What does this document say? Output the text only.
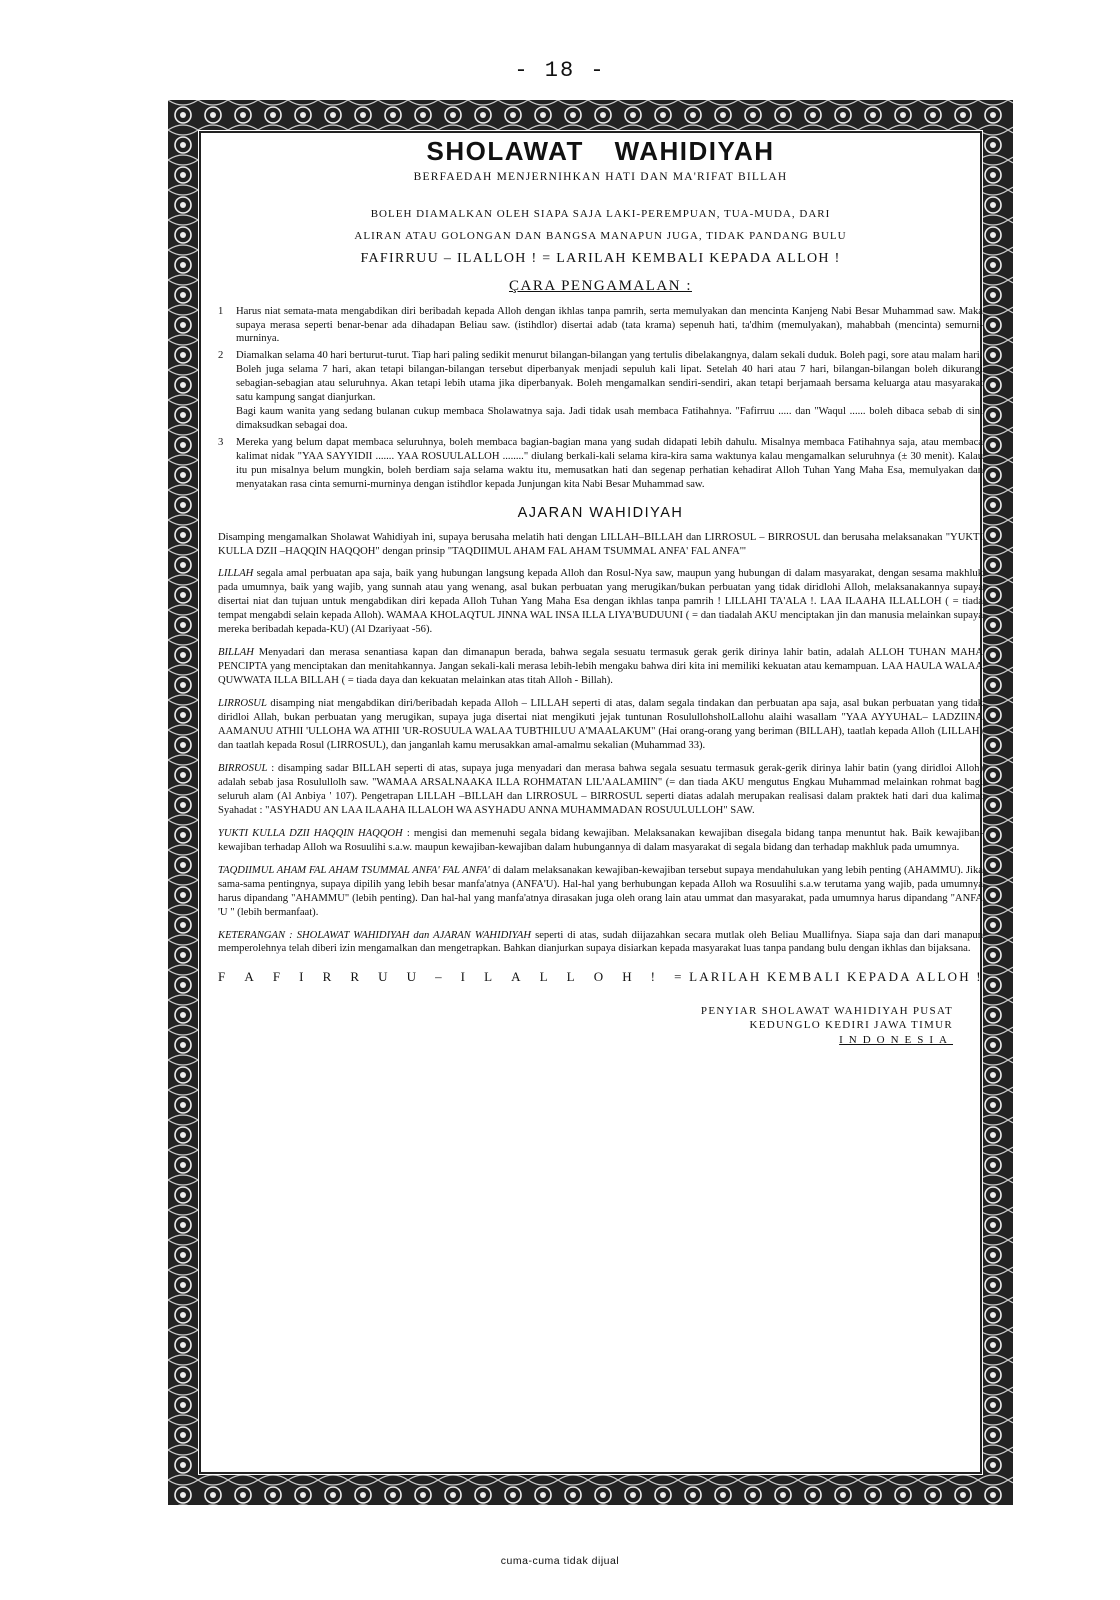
- 18 -
SHOLAWAT WAHIDIYAH
BERFAEDAH MENJERNIHKAN HATI DAN MA'RIFAT BILLAH
BOLEH DIAMALKAN OLEH SIAPA SAJA LAKI-PEREMPUAN, TUA-MUDA, DARI
ALIRAN ATAU GOLONGAN DAN BANGSA MANAPUN JUGA, TIDAK PANDANG BULU
FAFIRRUU – ILALLOH ! = LARILAH KEMBALI KEPADA ALLOH !
ÇARA PENGAMALAN :
1 Harus niat semata-mata mengabdikan diri beribadah kepada Alloh dengan ikhlas tanpa pamrih, serta memulyakan dan mencinta Kanjeng Nabi Besar Muhammad saw. Maka supaya merasa seperti benar-benar ada dihadapan Beliau saw. (istihdlor) disertai adab (tata krama) sepenuh hati, ta'dhim (memulyakan), mahabbah (mencinta) semurni-murninya.

2 Diamalkan selama 40 hari berturut-turut. Tiap hari paling sedikit menurut bilangan-bilangan yang tertulis dibelakangnya, dalam sekali duduk. Boleh pagi, sore atau malam hari.

Boleh juga selama 7 hari, akan tetapi bilangan-bilangan tersebut diperbanyak menjadi sepuluh kali lipat. Setelah 40 hari atau 7 hari, bilangan-bilangan boleh dikurangi sebagian-sebagian atau seluruhnya. Akan tetapi lebih utama jika diperbanyak. Boleh mengamalkan sendiri-sendiri, akan tetapi berjamaah bersama keluarga atau masyarakat satu kampung sangat dianjurkan.

Bagi kaum wanita yang sedang bulanan cukup membaca Sholawatnya saja. Jadi tidak usah membaca Fatihahnya. "Fafirruu ..... dan "Waqul ...... boleh dibaca sebab di sini dimaksudkan sebagai doa.

3 Mereka yang belum dapat membaca seluruhnya, boleh membaca bagian-bagian mana yang sudah didapati lebih dahulu. Misalnya membaca Fatihahnya saja, atau membaca kalimat nidak "YAA SAYYIDII ....... YAA ROSUULALLOH ........" diulang berkali-kali selama kira-kira sama waktunya kalau mengamalkan seluruhnya (± 30 menit). Kalau itu pun misalnya belum mungkin, boleh berdiam saja selama waktu itu, memusatkan hati dan segenap perhatian kehadirat Alloh Tuhan Yang Maha Esa, memulyakan dan menyatakan rasa cinta semurni-murninya dengan istihdlor kepada Junjungan kita Nabi Besar Muhammad saw.

AJARAN WAHIDIYAH

Disamping mengamalkan Sholawat Wahidiyah ini, supaya berusaha melatih hati dengan LILLAH–BILLAH dan LIRROSUL – BIRROSUL dan berusaha melaksanakan "YUKTI KULLA DZII –HAQQIN HAQQOH" dengan prinsip "TAQDIIMUL AHAM FAL AHAM TSUMMAL ANFA' FAL ANFA'"

LILLAH segala amal perbuatan apa saja, baik yang hubungan langsung kepada Alloh dan Rosul-Nya saw, maupun yang hubungan di dalam masyarakat, dengan sesama makhluk pada umumnya, baik yang wajib, yang sunnah atau yang wenang, asal bukan perbuatan yang merugikan/bukan perbuatan yang tidak diridlohi Alloh, melaksanakannya supaya disertai niat dan tujuan untuk mengabdikan diri kepada Alloh Tuhan Yang Maha Esa dengan ikhlas tanpa pamrih ! LILLAHI TA'ALA !. LAA ILAAHA ILLALLOH ( = tiada tempat mengabdi selain kepada Alloh). WAMAA KHOLAQTUL JINNA WAL INSA ILLA LIYA'BUDUUNI ( = dan tiadalah AKU menciptakan jin dan manusia melainkan supaya mereka beribadah kepada-KU) (Al Dzariyaat -56).
BILLAH Menyadari dan merasa senantiasa kapan dan dimanapun berada, bahwa segala sesuatu termasuk gerak gerik dirinya lahir batin, adalah ALLOH TUHAN MAHA PENCIPTA yang menciptakan dan menitahkannya. Jangan sekali-kali merasa lebih-lebih mengaku bahwa diri kita ini memiliki kekuatan atau kemampuan. LAA HAULA WALAA QUWWATA ILLA BILLAH ( = tiada daya dan kekuatan melainkan atas titah Alloh - Billah).
LIRROSUL disamping niat mengabdikan diri/beribadah kepada Alloh – LILLAH seperti di atas, dalam segala tindakan dan perbuatan apa saja, asal bukan perbuatan yang tidak diridloi Allah, bukan perbuatan yang merugikan, supaya juga disertai niat mengikuti jejak tuntunan RosulullohsholLallohu alaihi wasallam "YAA AYYUHAL– LADZIINA AAMANUU ATHII 'ULLOHA WA ATHII 'UR-ROSUULA WALAA TUBTHILUU A'MAALAKUM" (Hai orang-orang yang beriman (BILLAH), taatlah kepada Alloh (LILLAH) dan taatlah kepada Rosul (LIRROSUL), dan janganlah kamu merusakkan amal-amalmu sekalian (Muhammad 33).
BIRROSUL : disamping sadar BILLAH seperti di atas, supaya juga menyadari dan merasa bahwa segala sesuatu termasuk gerak-gerik dirinya lahir batin (yang diridloi Alloh) adalah sebab jasa Rosulullolh saw. "WAMAA ARSALNAAKA ILLA ROHMATAN LIL'AALAMIIN" (= dan tiada AKU mengutus Engkau Muhammad melainkan rohmat bagi seluruh alam (Al Anbiya ' 107). Pengetrapan LILLAH –BILLAH dan LIRROSUL – BIRROSUL seperti diatas adalah merupakan realisasi dalam praktek hati dari dua kalimat Syahadat : "ASYHADU AN LAA ILAAHA ILLALOH WA ASYHADU ANNA MUHAMMADAN ROSUULULLOH" SAW.
YUKTI KULLA DZII HAQQIN HAQQOH : mengisi dan memenuhi segala bidang kewajiban. Melaksanakan kewajiban disegala bidang tanpa menuntut hak. Baik kewajiban-kewajiban terhadap Alloh wa Rosuulihi s.a.w. maupun kewajiban-kewajiban dalam hubungannya di dalam masyarakat di segala bidang dan terhadap makhluk pada umumnya.
TAQDIIMUL AHAM FAL AHAM TSUMMAL ANFA' FAL ANFA' di dalam melaksanakan kewajiban-kewajiban tersebut supaya mendahulukan yang lebih penting (AHAMMU). Jika sama-sama pentingnya, supaya dipilih yang lebih besar manfa'atnya (ANFA'U). Hal-hal yang berhubungan kepada Alloh wa Rosuulihi s.a.w terutama yang wajib, pada umumnya harus dipandang "AHAMMU" (lebih penting). Dan hal-hal yang manfa'atnya dirasakan juga oleh orang lain atau ummat dan masyarakat, pada umumnya harus dipandang "ANFA 'U " (lebih bermanfaat).
KETERANGAN : SHOLAWAT WAHIDIYAH dan AJARAN WAHIDIYAH seperti di atas, sudah diijazahkan secara mutlak oleh Beliau Muallifnya. Siapa saja dan dari manapun memperolehnya telah diberi izin mengamalkan dan mengetrapkan. Bahkan dianjurkan supaya disiarkan kepada masyarakat luas tanpa pandang bulu dengan ikhlas dan bijaksana.
F A F I R R U U – I L A L L O H ! = LARILAH KEMBALI KEPADA ALLOH !
PENYIAR SHOLAWAT WAHIDIYAH PUSAT
KEDUNGLO KEDIRI JAWA TIMUR
INDONESIA
cuma-cuma tidak dijual
